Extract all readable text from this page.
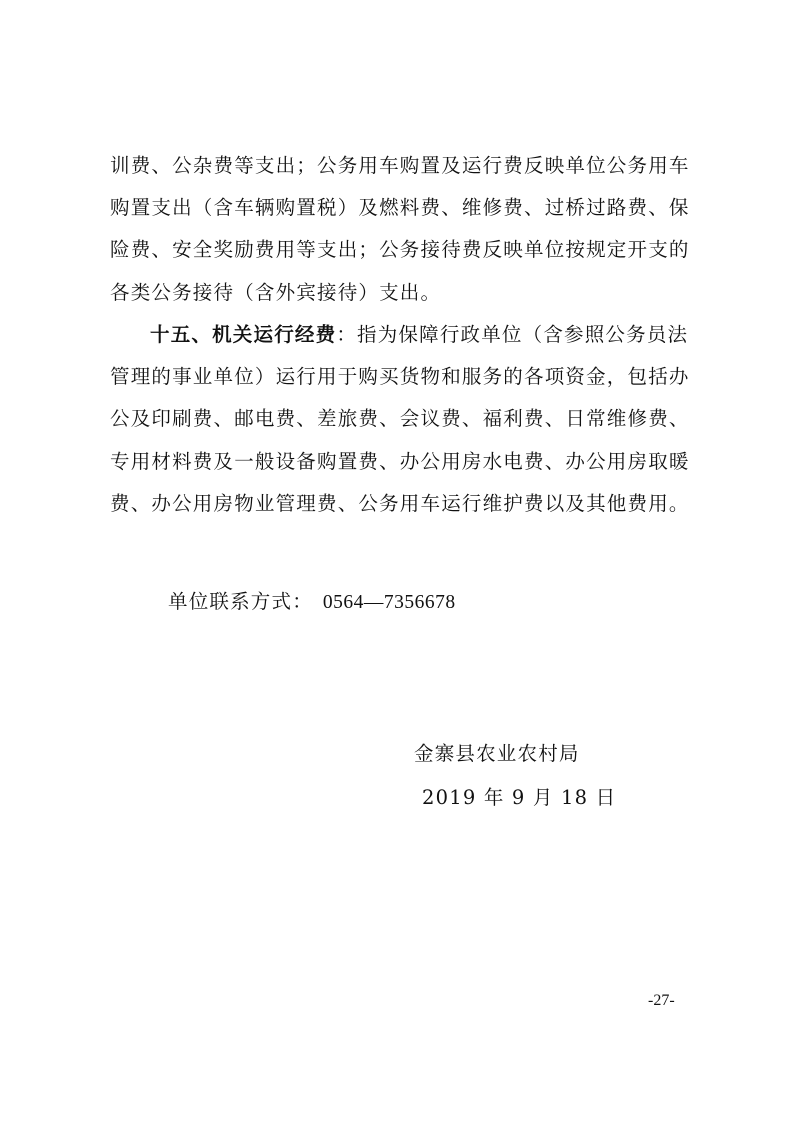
训费、公杂费等支出；公务用车购置及运行费反映单位公务用车
购置支出（含车辆购置税）及燃料费、维修费、过桥过路费、保
险费、安全奖励费用等支出；公务接待费反映单位按规定开支的
各类公务接待（含外宾接待）支出。
十五、机关运行经费：指为保障行政单位（含参照公务员法
管理的事业单位）运行用于购买货物和服务的各项资金，包括办
公及印刷费、邮电费、差旅费、会议费、福利费、日常维修费、
专用材料费及一般设备购置费、办公用房水电费、办公用房取暖
费、办公用房物业管理费、公务用车运行维护费以及其他费用。
单位联系方式： 0564—7356678
金寨县农业农村局
2019 年 9 月 18 日
-27-
